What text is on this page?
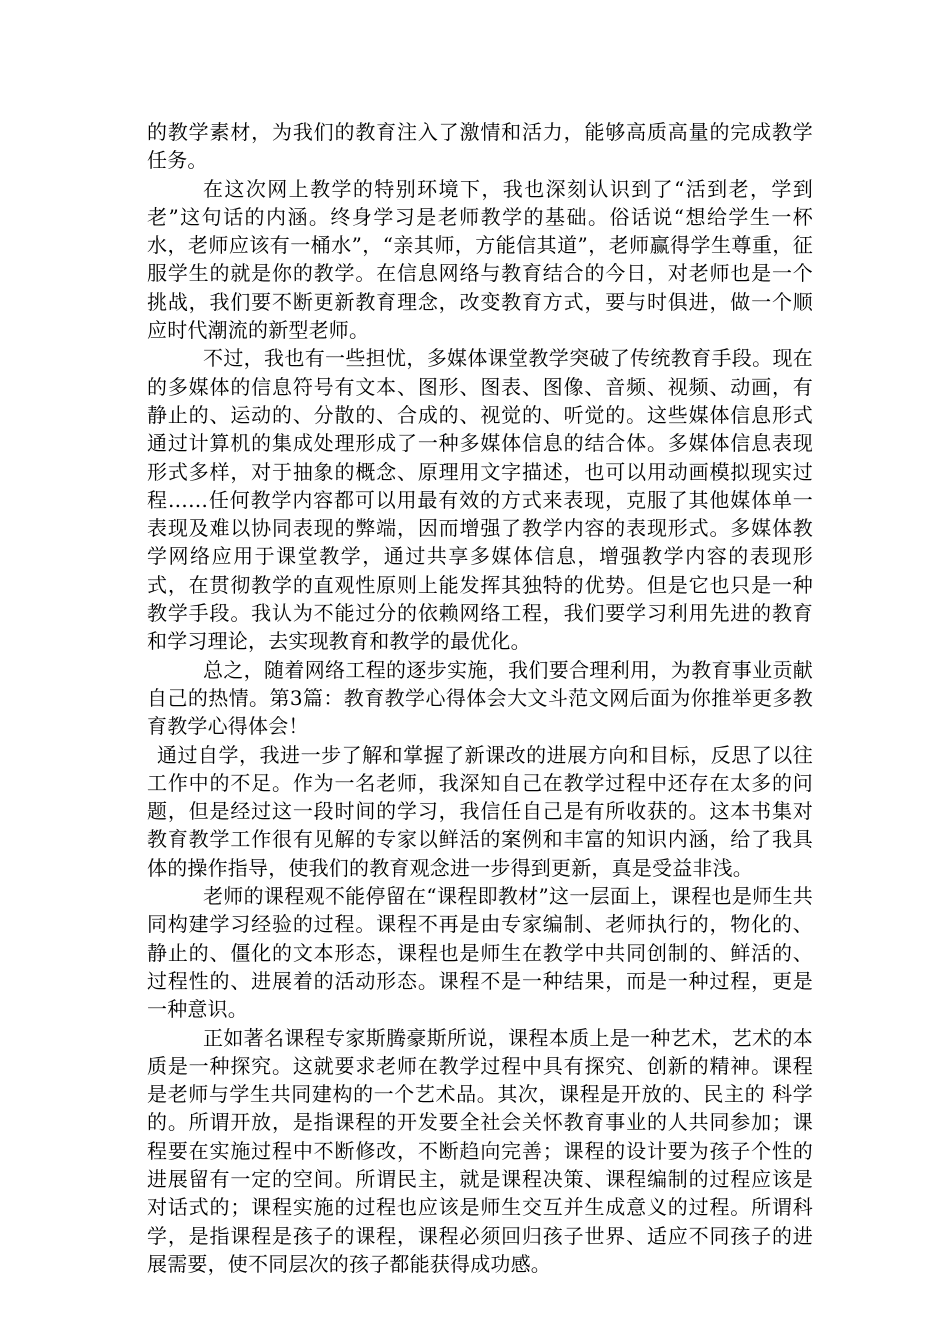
的教学素材，为我们的教育注入了激情和活力，能够高质高量的完成教学任务。

在这次网上教学的特别环境下，我也深刻认识到了“活到老，学到老”这句话的内涵。终身学习是老师教学的基础。俗话说“想给学生一杯水，老师应该有一桶水”，“亲其师，方能信其道”，老师赢得学生尊重，征服学生的就是你的教学。在信息网络与教育结合的今日，对老师也是一个挑战，我们要不断更新教育理念，改变教育方式，要与时俱进，做一个顺应时代潮流的新型老师。

不过，我也有一些担忧，多媒体课堂教学突破了传统教育手段。现在的多媒体的信息符号有文本、图形、图表、图像、音频、视频、动画，有静止的、运动的、分散的、合成的、视觉的、听觉的。这些媒体信息形式通过计算机的集成处理形成了一种多媒体信息的结合体。多媒体信息表现形式多样，对于抽象的概念、原理用文字描述，也可以用动画模拟现实过程……任何教学内容都可以用最有效的方式来表现，克服了其他媒体单一表现及难以协同表现的弊端，因而增强了教学内容的表现形式。多媒体教学网络应用于课堂教学，通过共享多媒体信息，增强教学内容的表现形式，在贯彻教学的直观性原则上能发挥其独特的优势。但是它也只是一种教学手段。我认为不能过分的依赖网络工程，我们要学习利用先进的教育和学习理论，去实现教育和教学的最优化。

总之，随着网络工程的逐步实施，我们要合理利用，为教育事业贡献自己的热情。第3篇：教育教学心得体会大文斗范文网后面为你推举更多教育教学心得体会！

通过自学，我进一步了解和掌握了新课改的进展方向和目标，反思了以往工作中的不足。作为一名老师，我深知自己在教学过程中还存在太多的问题，但是经过这一段时间的学习，我信任自己是有所收获的。这本书集对教育教学工作很有见解的专家以鲜活的案例和丰富的知识内涵，给了我具体的操作指导，使我们的教育观念进一步得到更新，真是受益非浅。

老师的课程观不能停留在“课程即教材”这一层面上，课程也是师生共同构建学习经验的过程。课程不再是由专家编制、老师执行的，物化的、静止的、僵化的文本形态，课程也是师生在教学中共同创制的、鲜活的、过程性的、进展着的活动形态。课程不是一种结果，而是一种过程，更是一种意识。

正如著名课程专家斯腾豪斯所说，课程本质上是一种艺术，艺术的本质是一种探究。这就要求老师在教学过程中具有探究、创新的精神。课程是老师与学生共同建构的一个艺术品。其次，课程是开放的、民主的 科学的。所谓开放，是指课程的开发要全社会关怀教育事业的人共同参加；课程要在实施过程中不断修改，不断趋向完善；课程的设计要为孩子个性的进展留有一定的空间。所谓民主，就是课程决策、课程编制的过程应该是对话式的；课程实施的过程也应该是师生交互并生成意义的过程。所谓科学，是指课程是孩子的课程，课程必须回归孩子世界、适应不同孩子的进展需要，使不同层次的孩子都能获得成功感。
